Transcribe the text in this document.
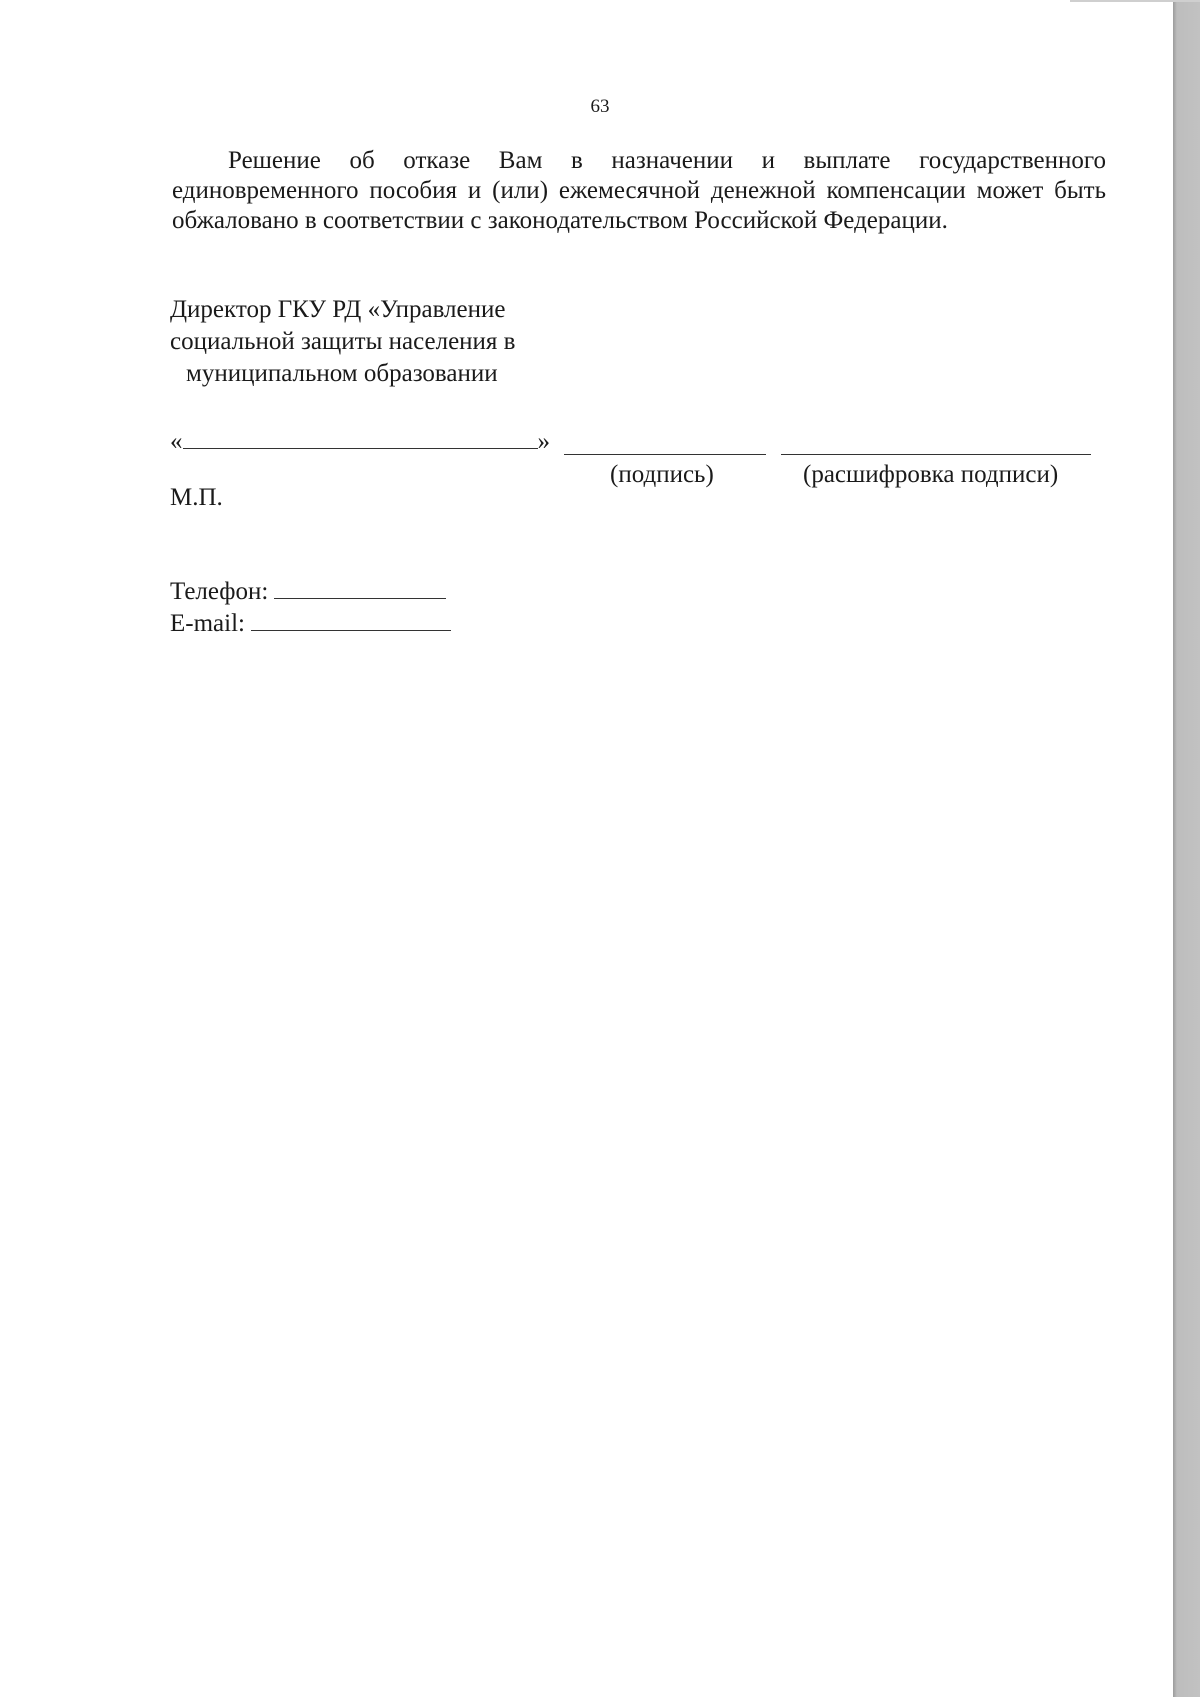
63

Решение об отказе Вам в назначении и выплате государственного единовременного пособия и (или) ежемесячной денежной компенсации может быть обжаловано в соответствии с законодательством Российской Федерации.

Директор ГКУ РД «Управление
социальной защиты населения в
муниципальном образовании
«	»
(подпись)	(расшифровка подписи)
М.П.
Телефон:
E-mail:
